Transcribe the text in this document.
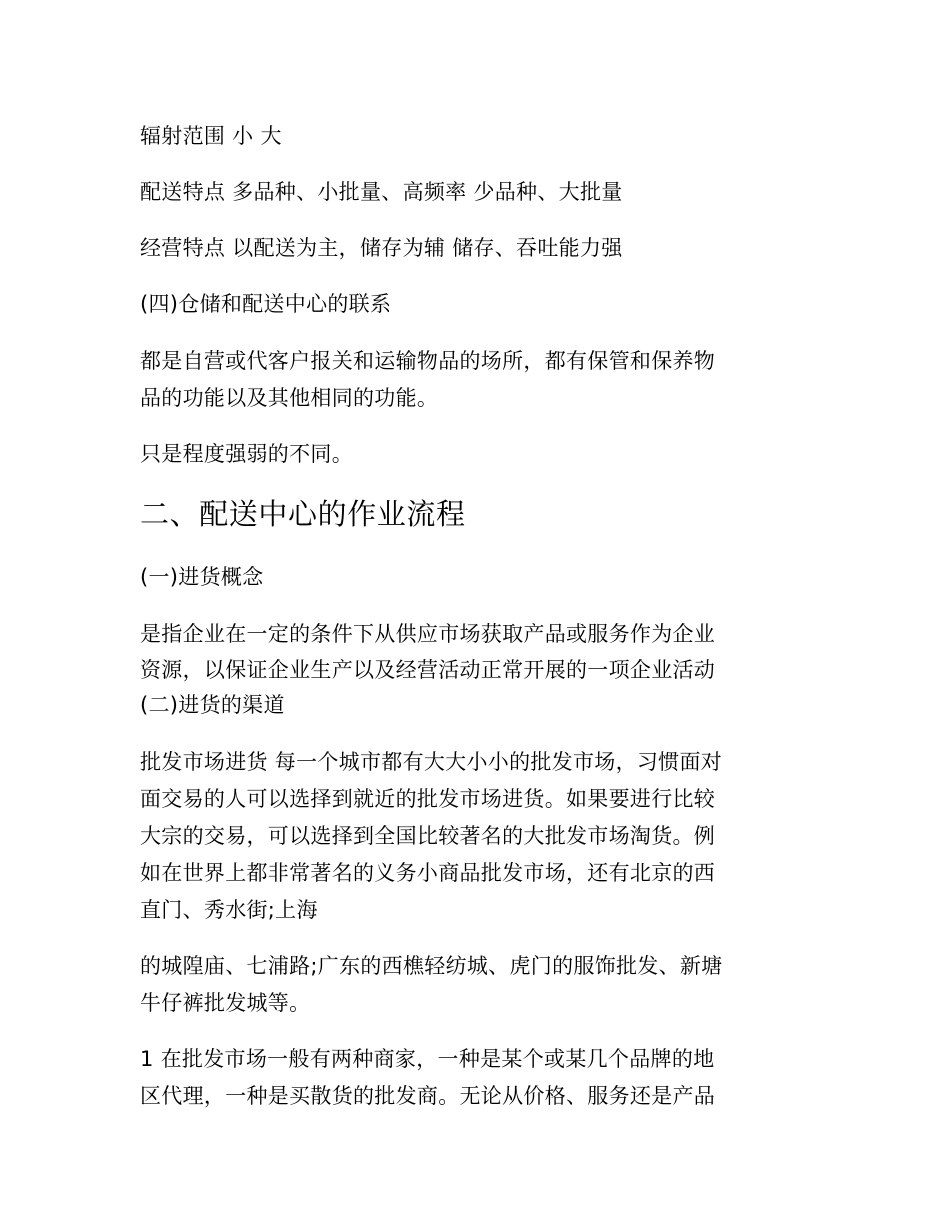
辐射范围 小 大

配送特点 多品种、小批量、高频率 少品种、大批量

经营特点 以配送为主，储存为辅 储存、吞吐能力强

(四)仓储和配送中心的联系

都是自营或代客户报关和运输物品的场所，都有保管和保养物

品的功能以及其他相同的功能。

只是程度强弱的不同。

二、配送中心的作业流程

(一)进货概念

是指企业在一定的条件下从供应市场获取产品或服务作为企业

资源，以保证企业生产以及经营活动正常开展的一项企业活动

(二)进货的渠道

批发市场进货 每一个城市都有大大小小的批发市场，习惯面对

面交易的人可以选择到就近的批发市场进货。如果要进行比较

大宗的交易，可以选择到全国比较著名的大批发市场淘货。例

如在世界上都非常著名的义务小商品批发市场，还有北京的西

直门、秀水街;上海

的城隍庙、七浦路;广东的西樵轻纺城、虎门的服饰批发、新塘

牛仔裤批发城等。

1 在批发市场一般有两种商家，一种是某个或某几个品牌的地

区代理，一种是买散货的批发商。无论从价格、服务还是产品
